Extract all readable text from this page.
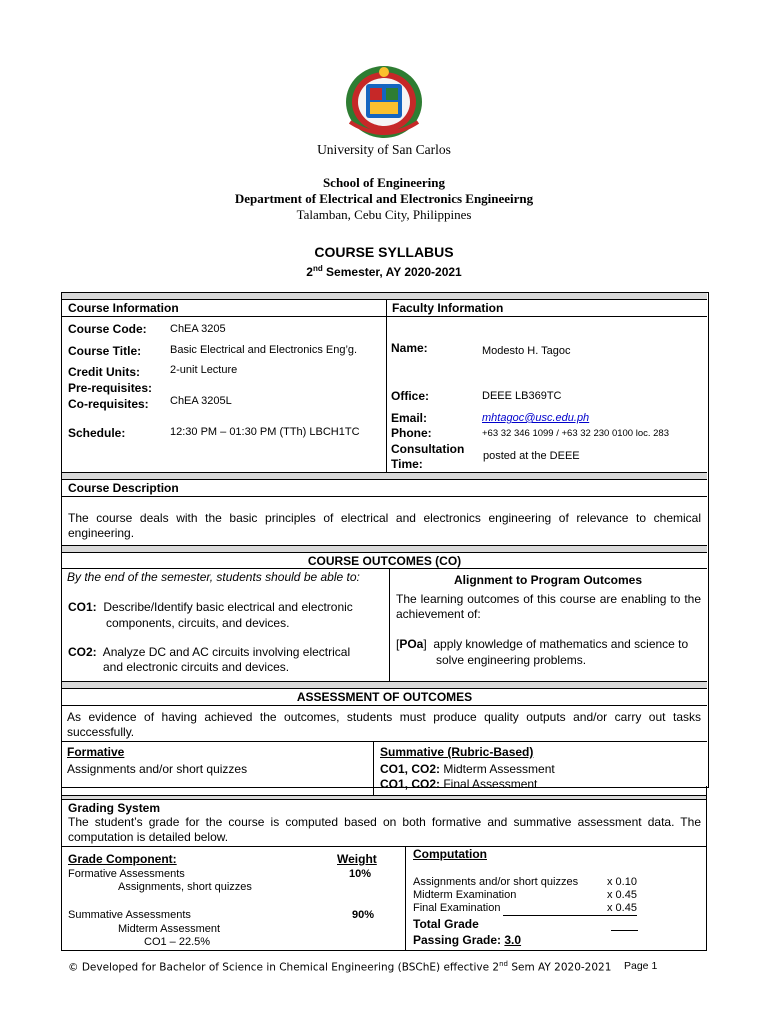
University of San Carlos
School of Engineering
Department of Electrical and Electronics Engineeirng
Talamban, Cebu City, Philippines
COURSE SYLLABUS
2nd Semester, AY 2020-2021
Course Information	Faculty Information
Course Code: ChEA 3205
Course Title:	Basic Electrical and Electronics Eng’g.
Credit Units:	2-unit Lecture
Pre-requisites:
Co-requisites: ChEA 3205L
Schedule:	12:30 PM – 01:30 PM (TTh) LBCH1TC
Name:	Modesto H. Tagoc
Office:	DEEE LB369TC
Email:	mhtagoc@usc.edu.ph
Phone:	+63 32 346 1099 / +63 32 230 0100 loc. 283
Consultation
Time:
posted at the DEEE
Course Description
The course deals with the basic principles of electrical and electronics engineering of relevance to chemical engineering.
COURSE OUTCOMES (CO)
By the end of the semester, students should be able to:
CO1: Describe/Identify basic electrical and electronic
components, circuits, and devices.
CO2: Analyze DC and AC circuits involving electrical
and electronic circuits and devices.
Alignment to Program Outcomes
The learning outcomes of this course are enabling to the achievement of:
[POa]  apply knowledge of mathematics and science to
solve engineering problems.
ASSESSMENT OF OUTCOMES
As evidence of having achieved the outcomes, students must produce quality outputs and/or carry out tasks successfully.
Formative
Assignments and/or short quizzes
Summative (Rubric-Based)
CO1, CO2: Midterm Assessment
CO1, CO2: Final Assessment
Grading System
The student’s grade for the course is computed based on both formative and summative assessment data. The computation is detailed below.
Grade Component:	Weight
Formative Assessments	10%
Assignments, short quizzes
Summative Assessments	90%
Midterm Assessment
CO1 – 22.5%
Computation
Assignments and/or short quizzes	x 0.10
Midterm Examination	x 0.45
Final Examination	x 0.45
Total Grade
Passing Grade: 3.0
© Developed for Bachelor of Science in Chemical Engineering (BSChE) effective 2nd Sem AY 2020-2021 Page 1
